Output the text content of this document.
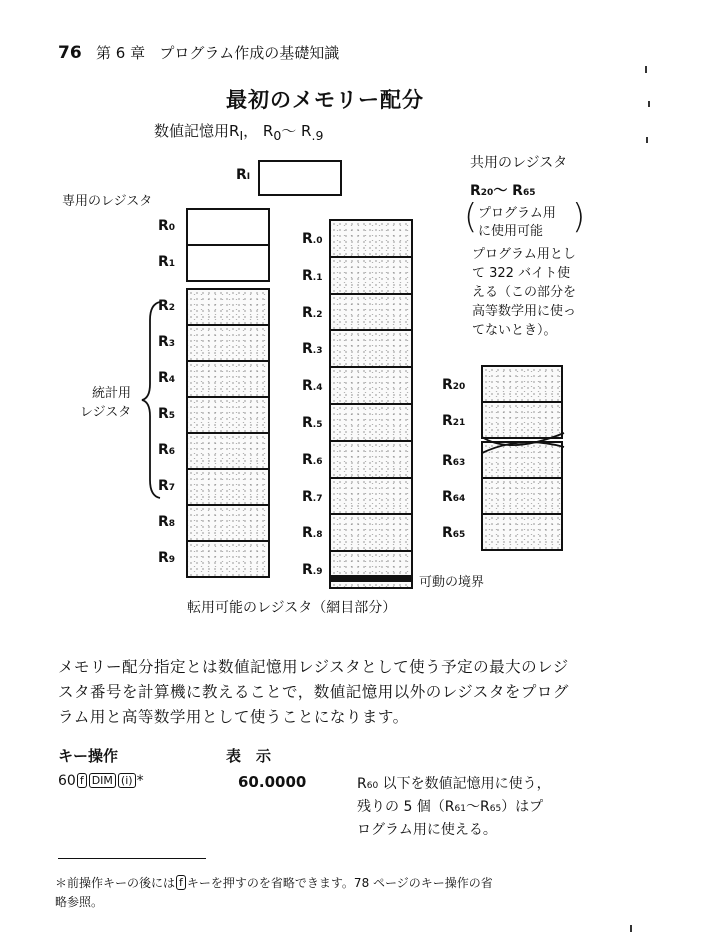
76 第 6 章 プログラム作成の基礎知識
最初のメモリー配分
数値記憶用$R_I$， $R_0\sim$ $R_{.9}$
RI
専用のレジスタ
R0
R1
R2
R3
R4
R5
R6
R7
R8
R9
R.0
R.1
R.2
R.3
R.4
R.5
R.6
R.7
R.8
R.9
統計用
レジスタ
可動の境界
転用可能のレジスタ（網目部分）
共用のレジスタ
R20～ R65
(	)
プログラム用
に使用可能
プログラム用として 322 バイト使える（この部分を高等数学用に使ってないとき）。
R20
R21
R63
R64
R65
メモリー配分指定とは数値記憶用レジスタとして使う予定の最大のレジスタ番号を計算機に教えることで，数値記憶用以外のレジスタをプログラム用と高等数学用として使うことになります。
キー操作	表　示
60 f DIM (i) *	60.0000	R60 以下を数値記憶用に使う，
残りの 5 個（R61～R65）はプ
ログラム用に使える。
＊前操作キーの後には f キーを押すのを省略できます。78 ページのキー操作の省
略参照。
